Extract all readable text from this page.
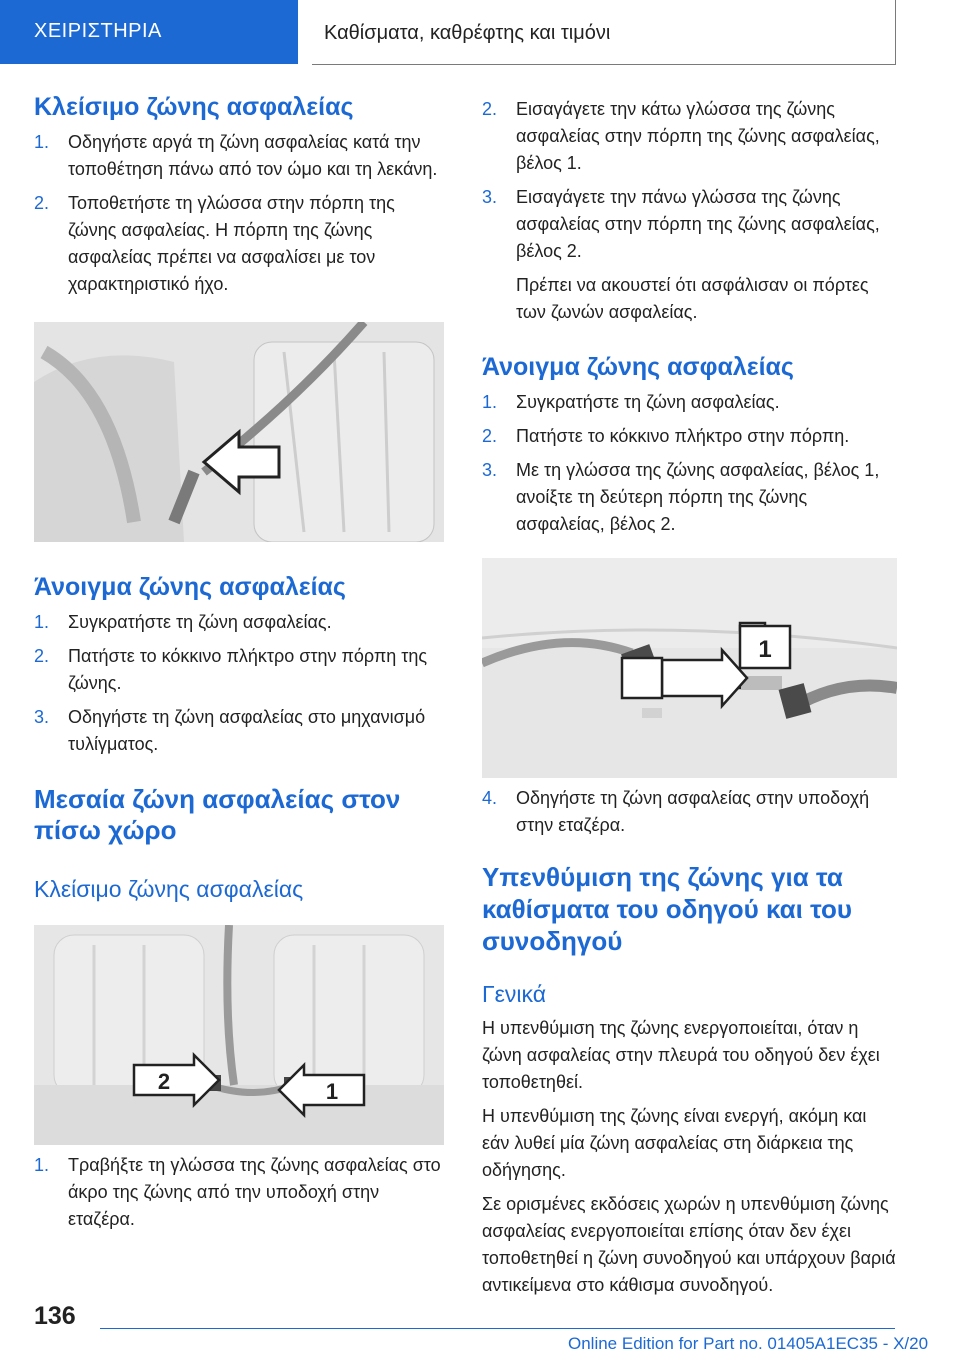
ΧΕΙΡΙΣΤΗΡΙΑ	Καθίσματα, καθρέφτης και τιμόνι
Κλείσιμο ζώνης ασφαλείας
1. Οδηγήστε αργά τη ζώνη ασφαλείας κατά την τοποθέτηση πάνω από τον ώμο και τη λεκάνη.
2. Τοποθετήστε τη γλώσσα στην πόρπη της ζώνης ασφαλείας. Η πόρπη της ζώνης ασφαλείας πρέπει να ασφαλίσει με τον χαρακτηριστικό ήχο.
Άνοιγμα ζώνης ασφαλείας
1. Συγκρατήστε τη ζώνη ασφαλείας.
2. Πατήστε το κόκκινο πλήκτρο στην πόρπη της ζώνης.
3. Οδηγήστε τη ζώνη ασφαλείας στο μηχανισμό τυλίγματος.
Μεσαία ζώνη ασφαλείας στον πίσω χώρο
Κλείσιμο ζώνης ασφαλείας
2	1
1. Τραβήξτε τη γλώσσα της ζώνης ασφαλείας στο άκρο της ζώνης από την υποδοχή στην εταζέρα.
2. Εισαγάγετε την κάτω γλώσσα της ζώνης ασφαλείας στην πόρπη της ζώνης ασφαλείας, βέλος 1.
3. Εισαγάγετε την πάνω γλώσσα της ζώνης ασφαλείας στην πόρπη της ζώνης ασφαλείας, βέλος 2.

Πρέπει να ακουστεί ότι ασφάλισαν οι πόρτες των ζωνών ασφαλείας.

Άνοιγμα ζώνης ασφαλείας
1. Συγκρατήστε τη ζώνη ασφαλείας.
2. Πατήστε το κόκκινο πλήκτρο στην πόρπη.
3. Με τη γλώσσα της ζώνης ασφαλείας, βέλος 1, ανοίξτε τη δεύτερη πόρπη της ζώνης ασφαλείας, βέλος 2.
1
4. Οδηγήστε τη ζώνη ασφαλείας στην υποδοχή στην εταζέρα.
Υπενθύμιση της ζώνης για τα καθίσματα του οδηγού και του συνοδηγού
Γενικά

Η υπενθύμιση της ζώνης ενεργοποιείται, όταν η ζώνη ασφαλείας στην πλευρά του οδηγού δεν έχει τοποθετηθεί.

Η υπενθύμιση της ζώνης είναι ενεργή, ακόμη και εάν λυθεί μία ζώνη ασφαλείας στη διάρκεια της οδήγησης.

Σε ορισμένες εκδόσεις χωρών η υπενθύμιση ζώνης ασφαλείας ενεργοποιείται επίσης όταν δεν έχει τοποθετηθεί η ζώνη συνοδηγού και υπάρχουν βαριά αντικείμενα στο κάθισμα συνοδηγού.

136
Online Edition for Part no. 01405A1EC35 - X/20
